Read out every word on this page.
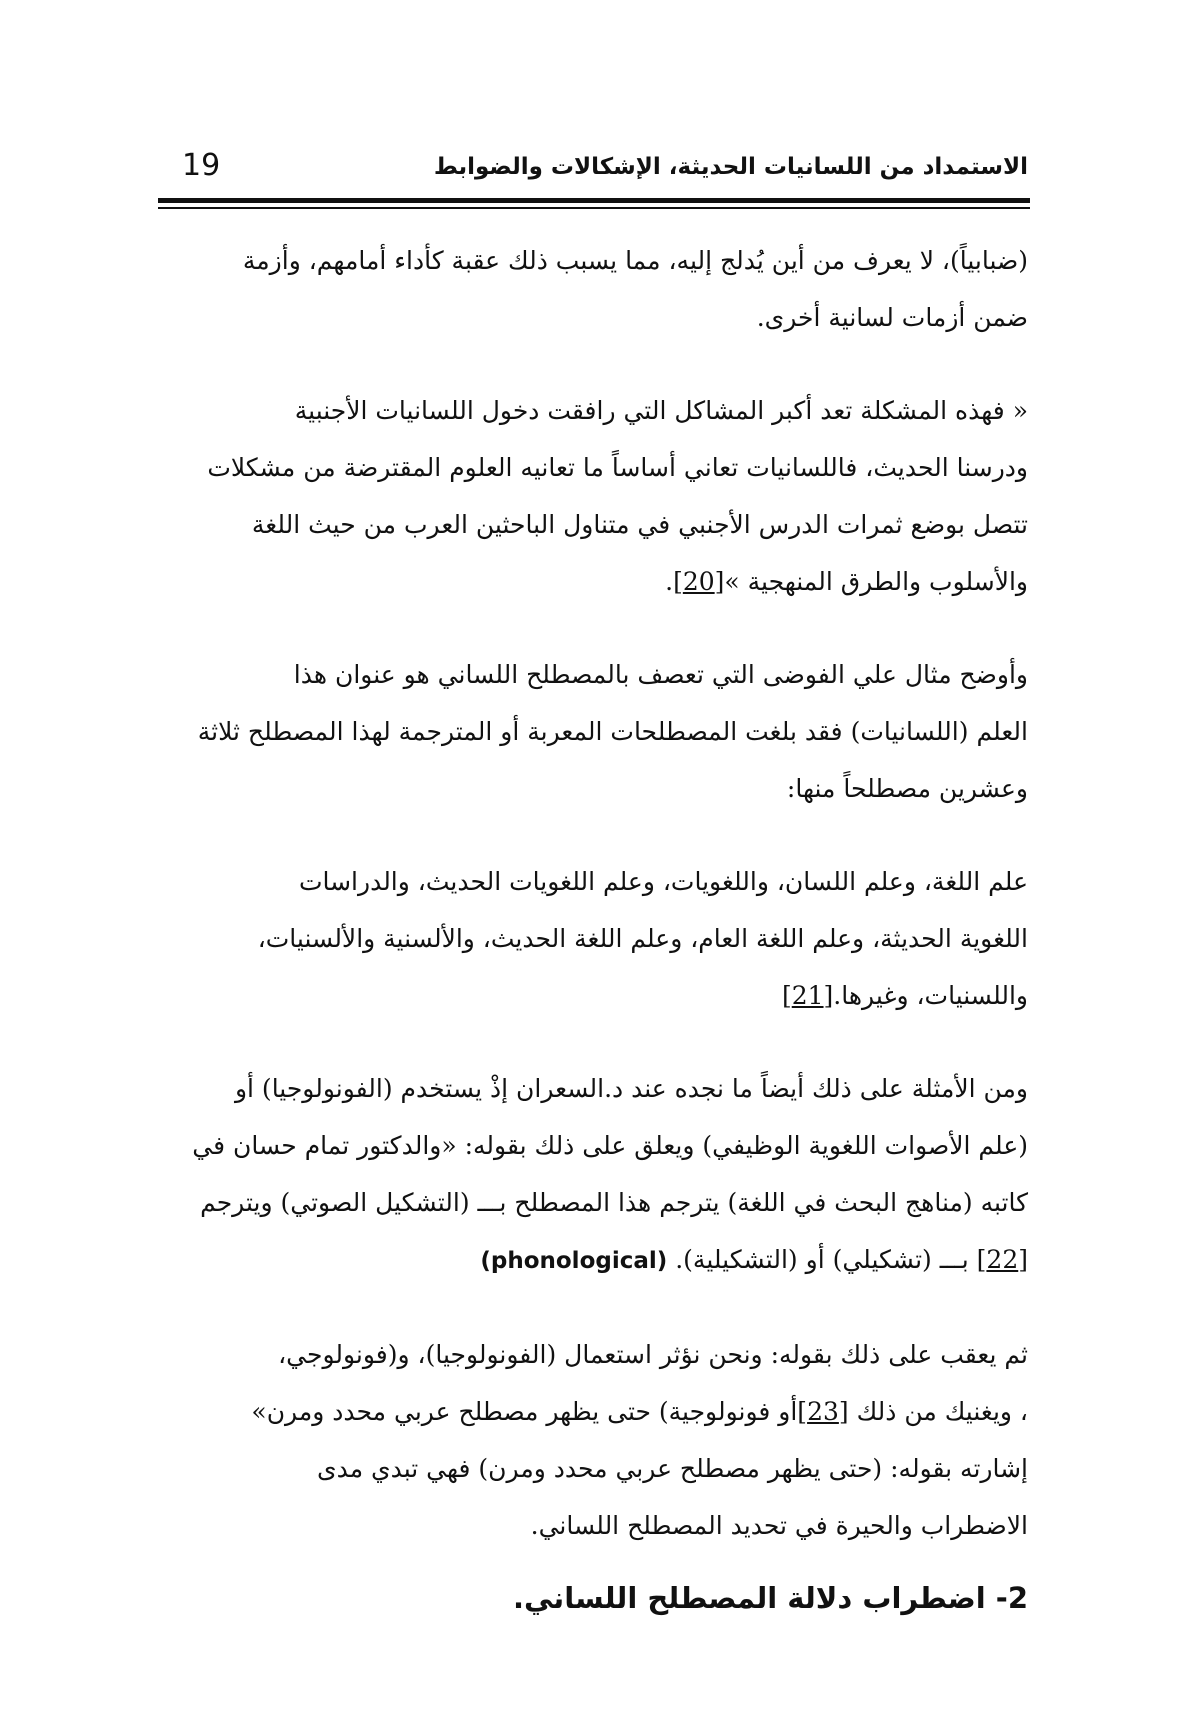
19	الاستمداد من اللسانيات الحديثة، الإشكالات والضوابط

(ضبابياً)، لا يعرف من أين يُدلج إليه، مما يسبب ذلك عقبة كأداء أمامهم، وأزمة
ضمن أزمات لسانية أخرى.

« فهذه المشكلة تعد أكبر المشاكل التي رافقت دخول اللسانيات الأجنبية
ودرسنا الحديث، فاللسانيات تعاني أساساً ما تعانيه العلوم المقترضة من مشكلات
تتصل بوضع ثمرات الدرس الأجنبي في متناول الباحثين العرب من حيث اللغة
والأسلوب والطرق المنهجية »[20].

وأوضح مثال علي الفوضى التي تعصف بالمصطلح اللساني هو عنوان هذا
العلم (اللسانيات) فقد بلغت المصطلحات المعربة أو المترجمة لهذا المصطلح ثلاثة
وعشرين مصطلحاً منها:

علم اللغة، وعلم اللسان، واللغويات، وعلم اللغويات الحديث، والدراسات
اللغوية الحديثة، وعلم اللغة العام، وعلم اللغة الحديث، والألسنية والألسنيات،
واللسنيات، وغيرها.[21]

ومن الأمثلة على ذلك أيضاً ما نجده عند د.السعران إذْ يستخدم (الفونولوجيا) أو
(علم الأصوات اللغوية الوظيفي) ويعلق على ذلك بقوله: «والدكتور تمام حسان في
كاتبه (مناهج البحث في اللغة) يترجم هذا المصطلح بـــ (التشكيل الصوتي) ويترجم
[22] بـــ (تشكيلي) أو (التشكيلية). (phonological)

ثم يعقب على ذلك بقوله: ونحن نؤثر استعمال (الفونولوجيا)، و(فونولوجي،
، ويغنيك من ذلك [23]أو فونولوجية) حتى يظهر مصطلح عربي محدد ومرن»
إشارته بقوله: (حتى يظهر مصطلح عربي محدد ومرن) فهي تبدي مدى
الاضطراب والحيرة في تحديد المصطلح اللساني.

2- اضطراب دلالة المصطلح اللساني.
